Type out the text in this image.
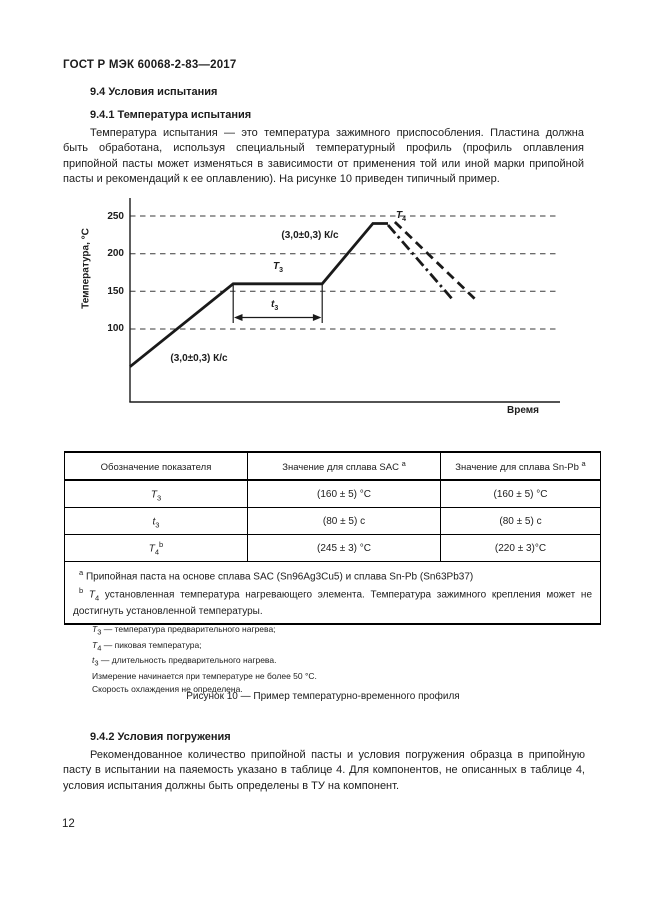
ГОСТ Р МЭК 60068-2-83—2017
9.4 Условия испытания
9.4.1 Температура испытания

Температура испытания — это температура зажимного приспособления. Пластина должна быть обработана, используя специальный температурный профиль (профиль оплавления припойной пасты может изменяться в зависимости от применения той или иной марки припойной пасты и рекомендаций к ее оплавлению). На рисунке 10 приведен типичный пример.

Температура, °С
250
200
150
100
Время
(3,0±0,3) К/с
(3,0±0,3) К/с
$T_3$
$t_3$
$T_4$
Обозначение показателя	Значение для сплава SAC $^a$	Значение для сплава Sn-Pb $^a$
$T_3$	(160 ± 5) °С	(160 ± 5) °С
$t_3$	(80 ± 5) с	(80 ± 5) с
$T_4^b$	(245 ± 3) °С	(220 ± 3)°С

$^a$ Припойная паста на основе сплава SAC (Sn96Ag3Cu5) и сплава Sn-Pb (Sn63Pb37)

$^b$ $T_4$ установленная температура нагревающего элемента. Температура зажимного крепления может не достигнуть установленной температуры.		

$T_3$ — температура предварительного нагрева;
$T_4$ — пиковая температура;
$t_3$ — длительность предварительного нагрева.
Измерение начинается при температуре не более 50 °С.
Скорость охлаждения не определена.
Рисунок 10 — Пример температурно-временного профиля
9.4.2 Условия погружения

Рекомендованное количество припойной пасты и условия погружения образца в припойную пасту в испытании на паяемость указано в таблице 4. Для компонентов, не описанных в таблице 4, условия испытания должны быть определены в ТУ на компонент.

12
